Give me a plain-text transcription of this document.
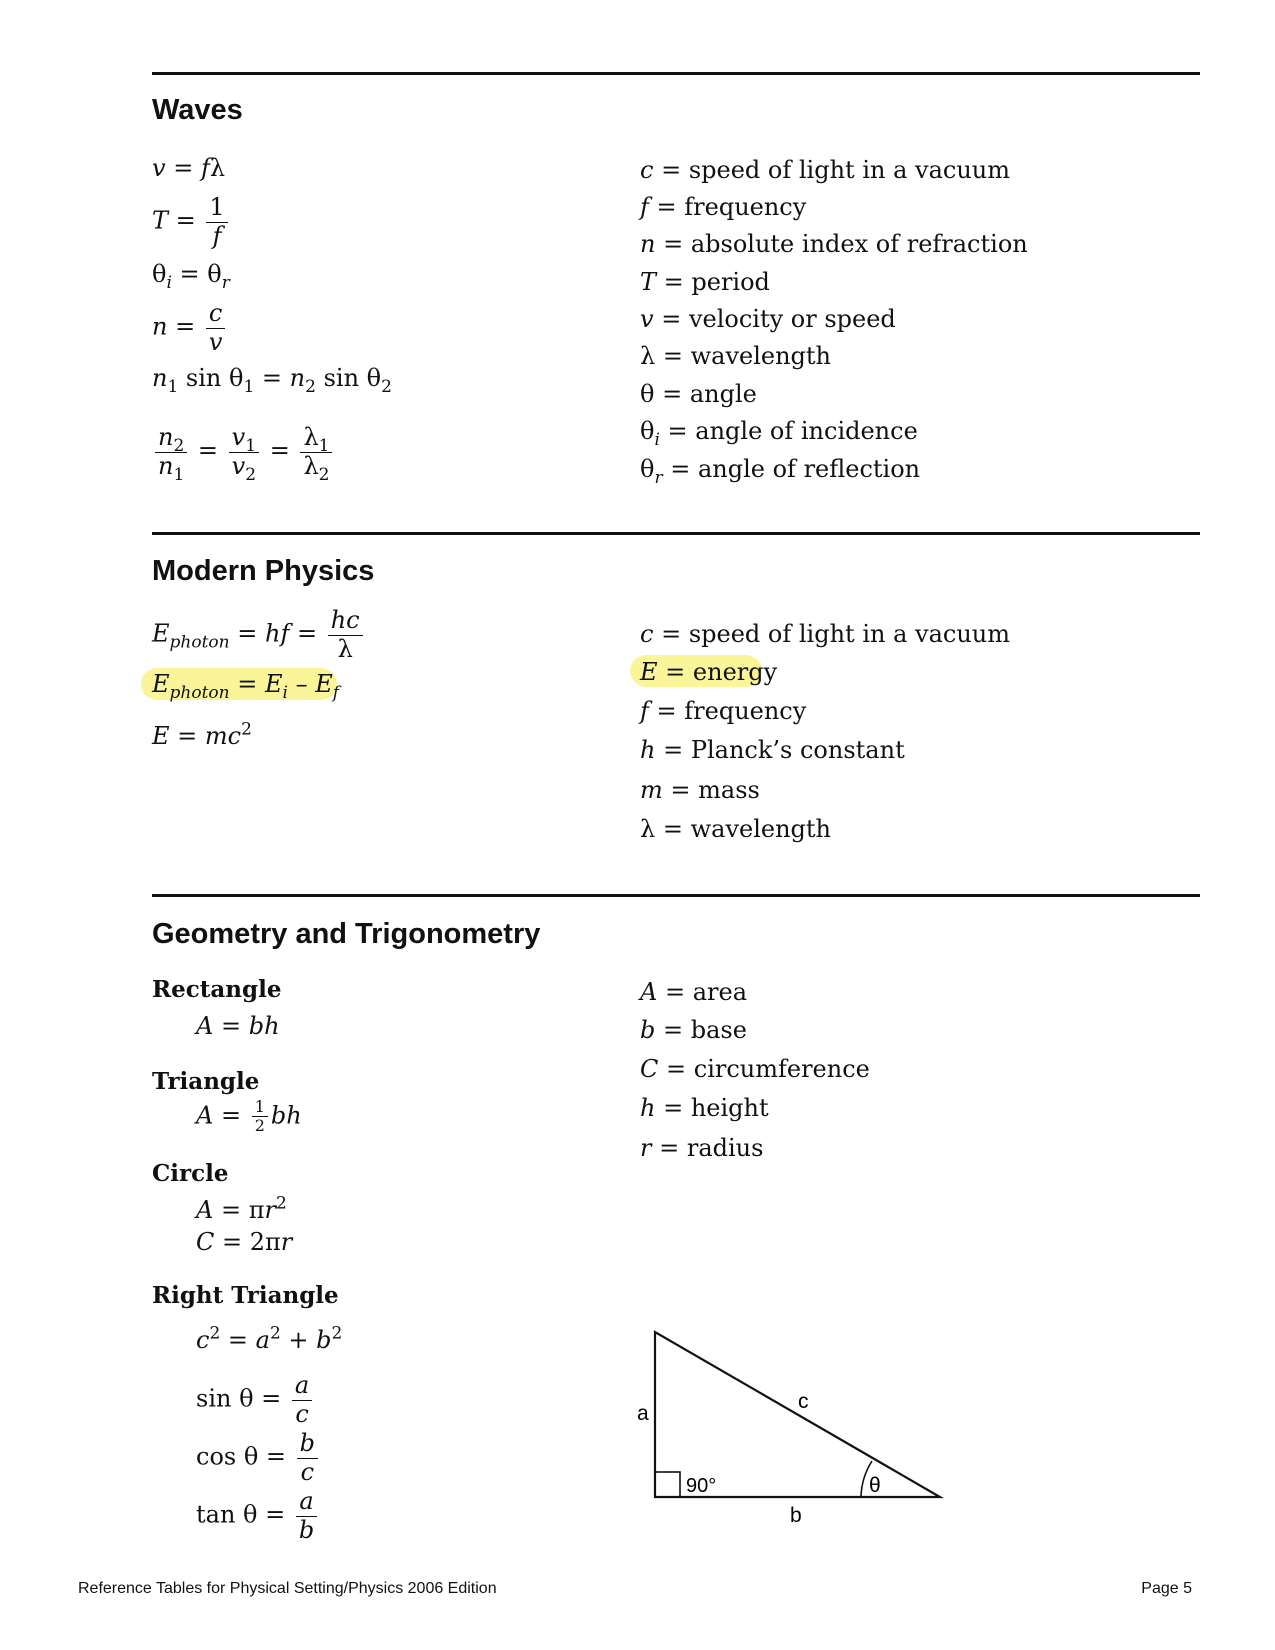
Waves
v = fλ
$T = \frac{1}{f}$
$\theta_i = \theta_r$
$n = \frac{c}{v}$
$n_1$ $\sin \theta_1 = n_2$ $\sin \theta_2$
$\frac{n_2}{n_1} = \frac{v_1}{v_2} = \frac{\lambda_1}{\lambda_2}$
c = speed of light in a vacuum
f = frequency
n = absolute index of refraction
T = period
v = velocity or speed
λ = wavelength
θ = angle
$\theta_i$ = angle of incidence
$\theta_r$ = angle of reflection
Modern Physics
$E_{photon}$ = hf = $\frac{hc}{\lambda}$
$E_{photon} = E_i - E_f$
$E = mc^2$
c = speed of light in a vacuum
E = energy
f = frequency
h = Planck’s constant
m = mass
λ = wavelength
Geometry and Trigonometry
Rectangle
A = bh
Triangle
$A = \frac{1}{2}$ bh
Circle
$A = \pi r^2$
C = 2πr
Right Triangle
$c^2 = a^2 + b^2$
$\sin \theta = \frac{a}{c}$
$\cos \theta = \frac{b}{c}$
$\tan \theta = \frac{a}{b}$
A = area
b = base
C = circumference
h = height
r = radius
a
b
c
90°	θ
Reference Tables for Physical Setting/Physics 2006 Edition	Page 5
